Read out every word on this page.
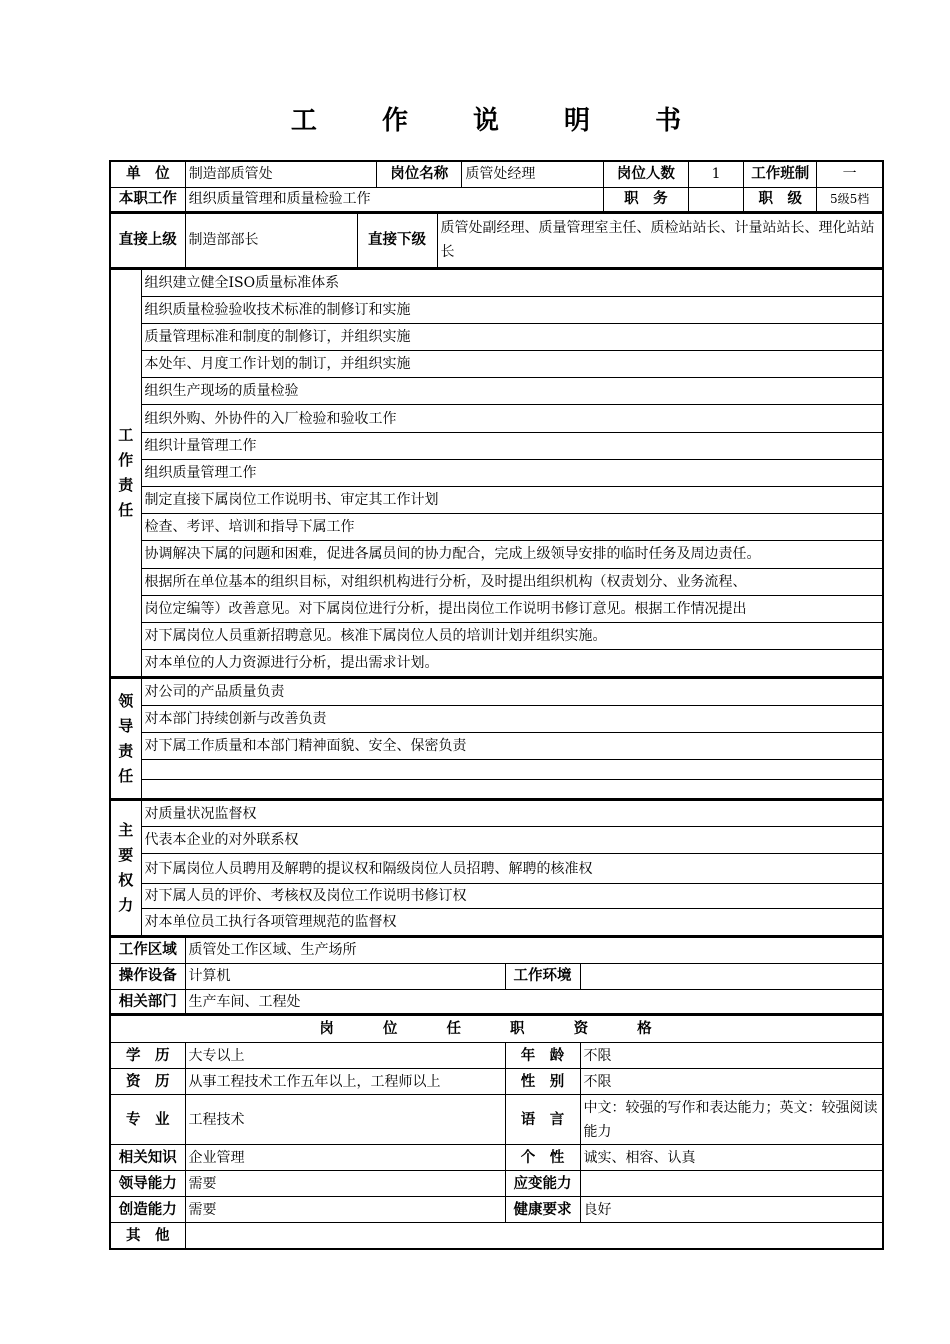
工 作 说 明 书
单　位	制造部质管处	岗位名称	质管处经理	岗位人数	1	工作班制	一
本职工作	组织质量管理和质量检验工作			职　务		职　级	5级5档
直接上级	制造部部长	直接下级	质管处副经理、质量管理室主任、质检站站长、计量站站长、理化站站长
工
作
责
任
	组织建立健全ISO质量标准体系
组织质量检验验收技术标准的制修订和实施
质量管理标准和制度的制修订，并组织实施
本处年、月度工作计划的制订，并组织实施
组织生产现场的质量检验
组织外购、外协件的入厂检验和验收工作
组织计量管理工作
组织质量管理工作
制定直接下属岗位工作说明书、审定其工作计划
检查、考评、培训和指导下属工作
协调解决下属的问题和困难，促进各属员间的协力配合，完成上级领导安排的临时任务及周边责任。
根据所在单位基本的组织目标，对组织机构进行分析，及时提出组织机构（权责划分、业务流程、
岗位定编等）改善意见。对下属岗位进行分析，提出岗位工作说明书修订意见。根据工作情况提出
对下属岗位人员重新招聘意见。核准下属岗位人员的培训计划并组织实施。
对本单位的人力资源进行分析，提出需求计划。
领
导
责
任
	对公司的产品质量负责
对本部门持续创新与改善负责
对下属工作质量和本部门精神面貌、安全、保密负责

主
要
权
力
	对质量状况监督权
代表本企业的对外联系权
对下属岗位人员聘用及解聘的提议权和隔级岗位人员招聘、解聘的核准权
对下属人员的评价、考核权及岗位工作说明书修订权
对本单位员工执行各项管理规范的监督权
工作区域	质管处工作区域、生产场所		
操作设备	计算机	工作环境	
相关部门	生产车间、工程处		
岗 位 任 职 资 格			
学　历	大专以上	年　龄	不限
资　历	从事工程技术工作五年以上，工程师以上	性　别	不限
专　业	工程技术	语　言	中文：较强的写作和表达能力；英文：较强阅读能力
相关知识	企业管理	个　性	诚实、相容、认真
领导能力	需要	应变能力	
创造能力	需要	健康要求	良好
其　他			
